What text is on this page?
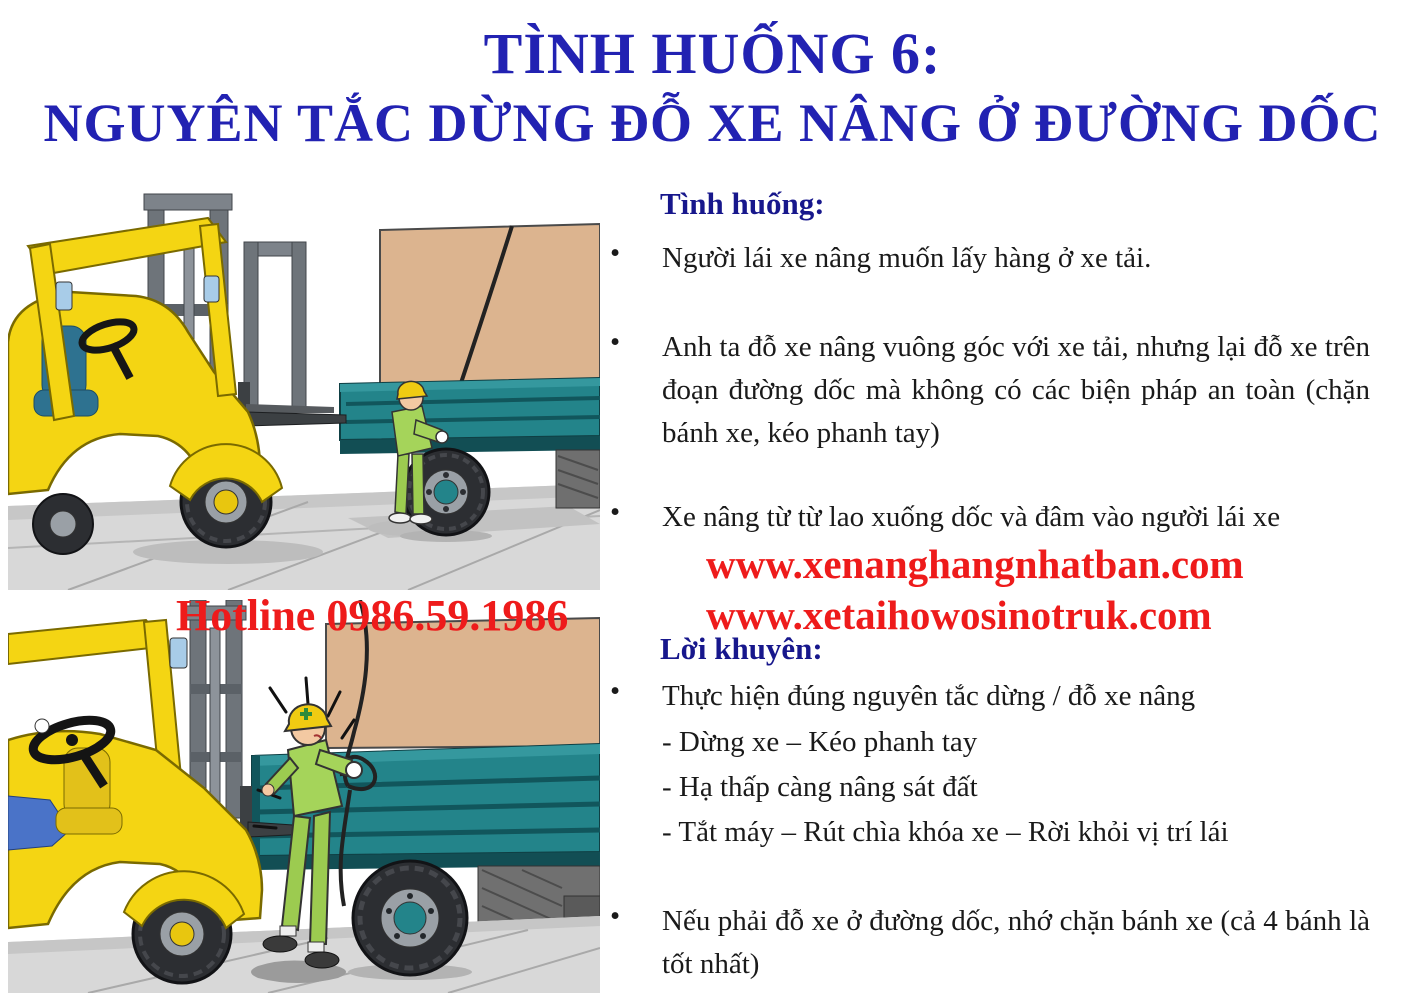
TÌNH HUỐNG 6:
NGUYÊN TẮC DỪNG ĐỖ XE NÂNG Ở ĐƯỜNG DỐC
Hotline 0986.59.1986
Tình huống:
• Người lái xe nâng muốn lấy hàng ở xe tải.
• Anh ta đỗ xe nâng vuông góc với xe tải, nhưng lại đỗ xe trên đoạn đường dốc mà không có các biện pháp an toàn (chặn bánh xe, kéo phanh tay)
• Xe nâng từ từ lao xuống dốc và đâm vào người lái xe
www.xenanghangnhatban.com
www.xetaihowosinotruk.com
Lời khuyên:
• Thực hiện đúng nguyên tắc dừng / đỗ xe nâng
- Dừng xe – Kéo phanh tay
- Hạ thấp càng nâng sát đất
- Tắt máy – Rút chìa khóa xe – Rời khỏi vị trí lái
• Nếu phải đỗ xe ở đường dốc, nhớ chặn bánh xe (cả 4 bánh là tốt nhất)
